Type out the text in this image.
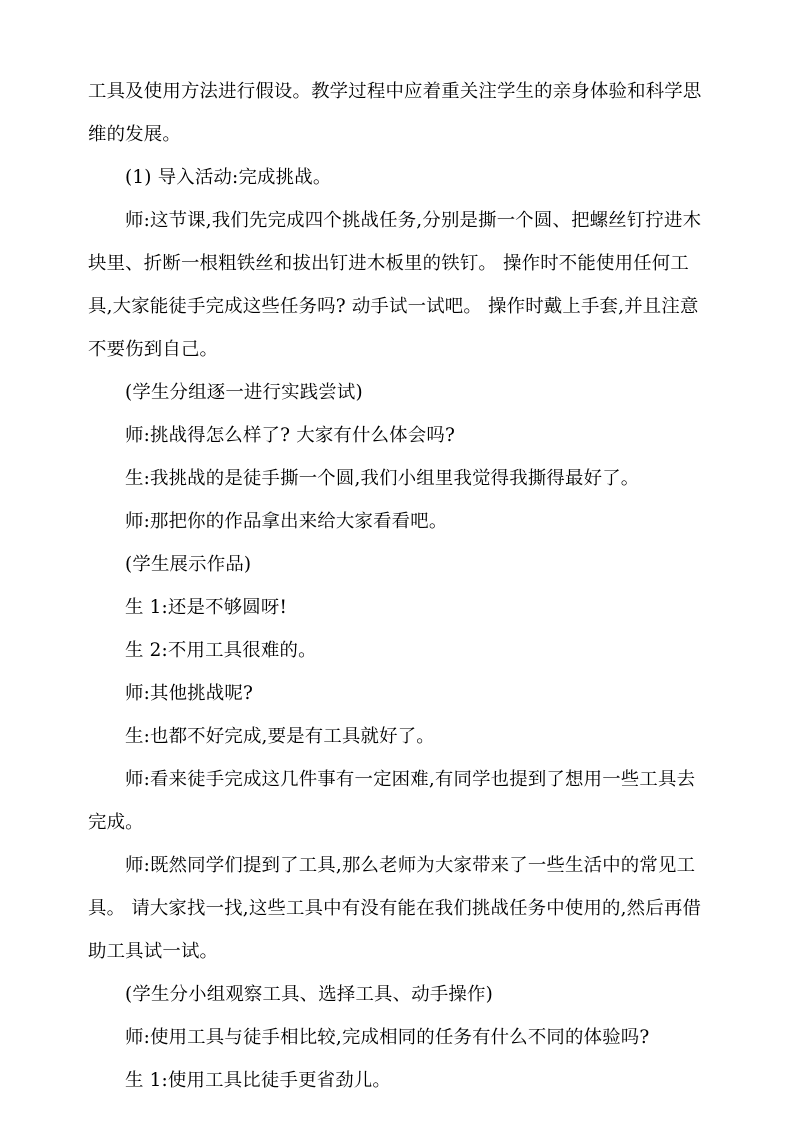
工具及使用方法进行假设。教学过程中应着重关注学生的亲身体验和科学思
维的发展。
(1) 导入活动:完成挑战。
师:这节课,我们先完成四个挑战任务,分别是撕一个圆、把螺丝钉拧进木
块里、折断一根粗铁丝和拔出钉进木板里的铁钉。 操作时不能使用任何工
具,大家能徒手完成这些任务吗? 动手试一试吧。 操作时戴上手套,并且注意
不要伤到自己。
(学生分组逐一进行实践尝试)
师:挑战得怎么样了? 大家有什么体会吗?
生:我挑战的是徒手撕一个圆,我们小组里我觉得我撕得最好了。
师:那把你的作品拿出来给大家看看吧。
(学生展示作品)
生 1:还是不够圆呀!
生 2:不用工具很难的。
师:其他挑战呢?
生:也都不好完成,要是有工具就好了。
师:看来徒手完成这几件事有一定困难,有同学也提到了想用一些工具去
完成。
师:既然同学们提到了工具,那么老师为大家带来了一些生活中的常见工
具。 请大家找一找,这些工具中有没有能在我们挑战任务中使用的,然后再借
助工具试一试。
(学生分小组观察工具、选择工具、动手操作)
师:使用工具与徒手相比较,完成相同的任务有什么不同的体验吗?
生 1:使用工具比徒手更省劲儿。
